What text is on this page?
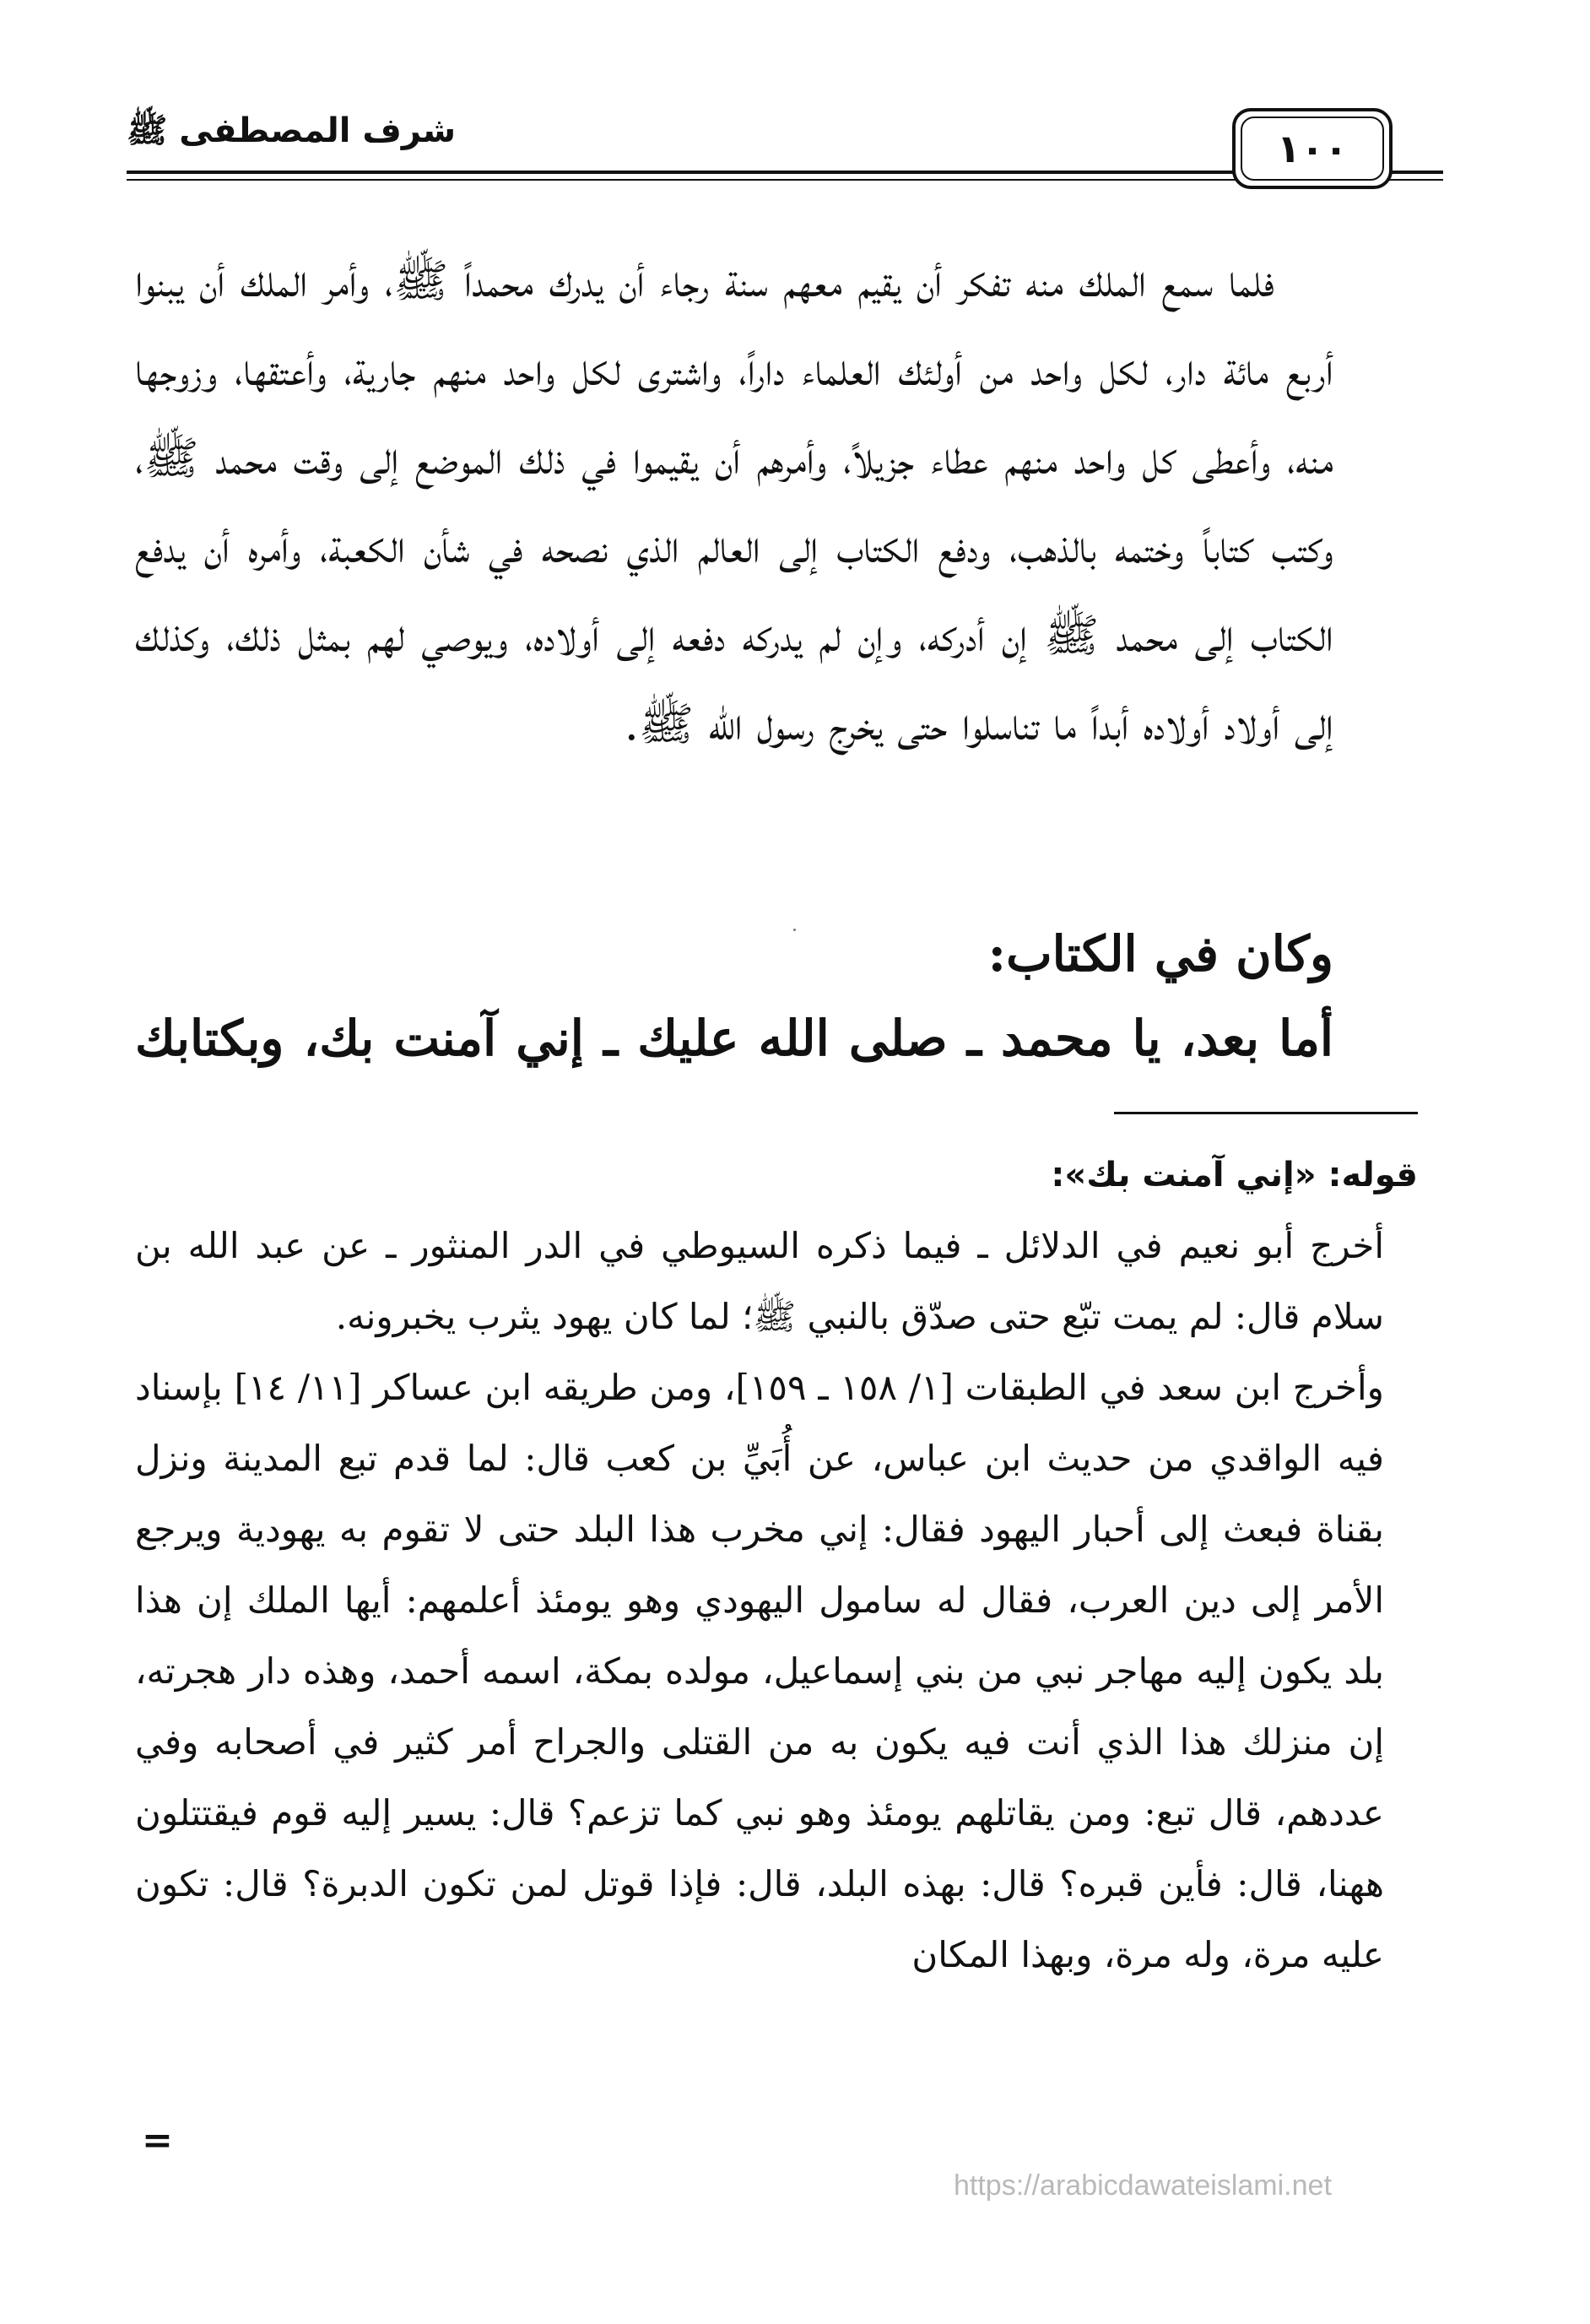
شرف المصطفى ﷺ	١٠٠

فلما سمع الملك منه تفكر أن يقيم معهم سنة رجاء أن يدرك محمداً ﷺ، وأمر الملك أن يبنوا أربع مائة دار، لكل واحد من أولئك العلماء داراً، واشترى لكل واحد منهم جارية، وأعتقها، وزوجها منه، وأعطى كل واحد منهم عطاء جزيلاً، وأمرهم أن يقيموا في ذلك الموضع إلى وقت محمد ﷺ، وكتب كتاباً وختمه بالذهب، ودفع الكتاب إلى العالم الذي نصحه في شأن الكعبة، وأمره أن يدفع الكتاب إلى محمد ﷺ إن أدركه، وإن لم يدركه دفعه إلى أولاده، ويوصي لهم بمثل ذلك، وكذلك إلى أولاد أولاده أبداً ما تناسلوا حتى يخرج رسول الله ﷺ.

وكان في الكتاب:
أما بعد، يا محمد ـ صلى الله عليك ـ إني آمنت بك، وبكتابك
قوله: «إني آمنت بك»:

أخرج أبو نعيم في الدلائل ـ فيما ذكره السيوطي في الدر المنثور ـ عن عبد الله بن سلام قال: لم يمت تبّع حتى صدّق بالنبي ﷺ؛ لما كان يهود يثرب يخبرونه.

وأخرج ابن سعد في الطبقات [١/ ١٥٨ ـ ١٥٩]، ومن طريقه ابن عساكر [١١/ ١٤] بإسناد فيه الواقدي من حديث ابن عباس، عن أُبَيِّ بن كعب قال: لما قدم تبع المدينة ونزل بقناة فبعث إلى أحبار اليهود فقال: إني مخرب هذا البلد حتى لا تقوم به يهودية ويرجع الأمر إلى دين العرب، فقال له سامول اليهودي وهو يومئذ أعلمهم: أيها الملك إن هذا بلد يكون إليه مهاجر نبي من بني إسماعيل، مولده بمكة، اسمه أحمد، وهذه دار هجرته، إن منزلك هذا الذي أنت فيه يكون به من القتلى والجراح أمر كثير في أصحابه وفي عددهم، قال تبع: ومن يقاتلهم يومئذ وهو نبي كما تزعم؟ قال: يسير إليه قوم فيقتتلون ههنا، قال: فأين قبره؟ قال: بهذه البلد، قال: فإذا قوتل لمن تكون الدبرة؟ قال: تكون عليه مرة، وله مرة، وبهذا المكان

=
https://arabicdawateislami.net
